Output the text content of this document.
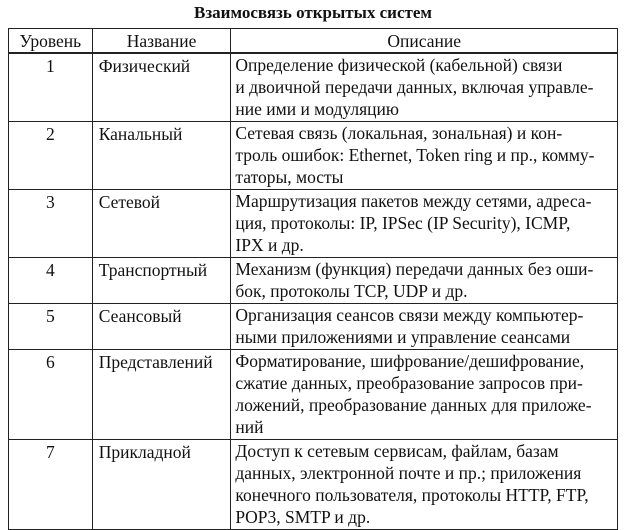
Взаимосвязь открытых систем
Уровень	Название	Описание
1	Физический	Определение физической (кабельной) связи
и двоичной передачи данных, включая управле-
ние ими и модуляцию

2	Канальный	Сетевая связь (локальная, зональная) и кон-
троль ошибок: Ethernet, Token ring и пр., комму-
таторы, мосты

3	Сетевой	Маршрутизация пакетов между сетями, адреса-
ция, протоколы: IP, IPSec (IP Security), ICMP,
IPX и др.

4	Транспортный	Механизм (функция) передачи данных без оши-
бок, протоколы TCP, UDP и др.

5	Сеансовый	Организация сеансов связи между компьютер-
ными приложениями и управление сеансами

6	Представлений	Форматирование, шифрование/дешифрование,
сжатие данных, преобразование запросов при-
ложений, преобразование данных для приложе-
ний

7	Прикладной	Доступ к сетевым сервисам, файлам, базам
данных, электронной почте и пр.; приложения
конечного пользователя, протоколы HTTP, FTP,
POP3, SMTP и др.
